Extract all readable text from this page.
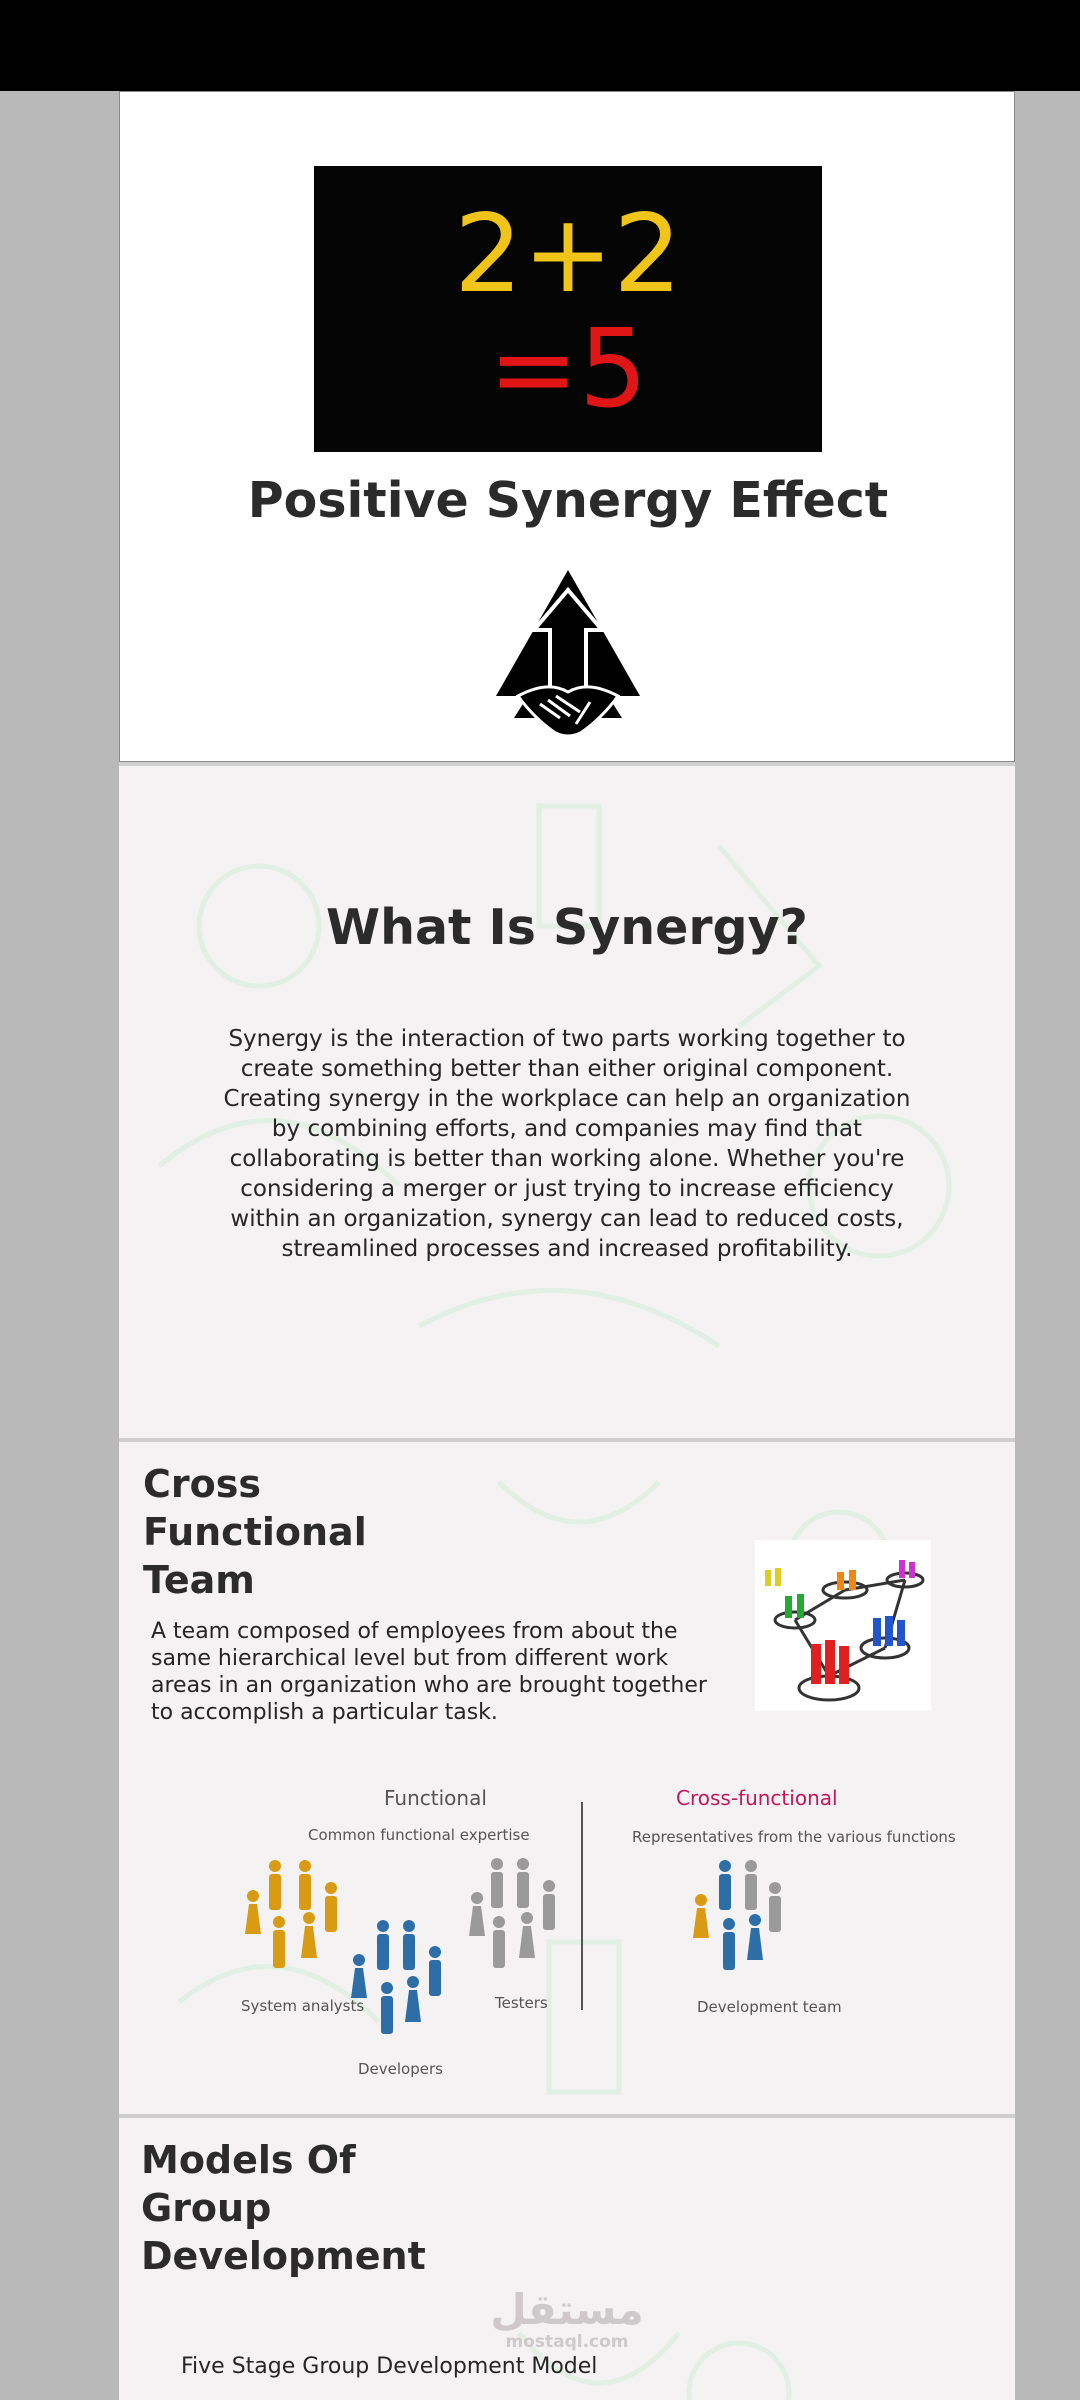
2+2
=5
Positive Synergy Effect
What Is Synergy?
Synergy is the interaction of two parts working together to create something better than either original component. Creating synergy in the workplace can help an organization by combining efforts, and companies may find that collaborating is better than working alone. Whether you're considering a merger or just trying to increase efficiency within an organization, synergy can lead to reduced costs, streamlined processes and increased profitability.
Cross Functional Team
A team composed of employees from about the same hierarchical level but from different work areas in an organization who are brought together to accomplish a particular task.
Functional
Common functional expertise
Cross-functional
Representatives from the various functions
System analysts
Developers
Testers	Development team
Models Of Group Development
مستقل
mostaql.com
Five Stage Group Development Model
